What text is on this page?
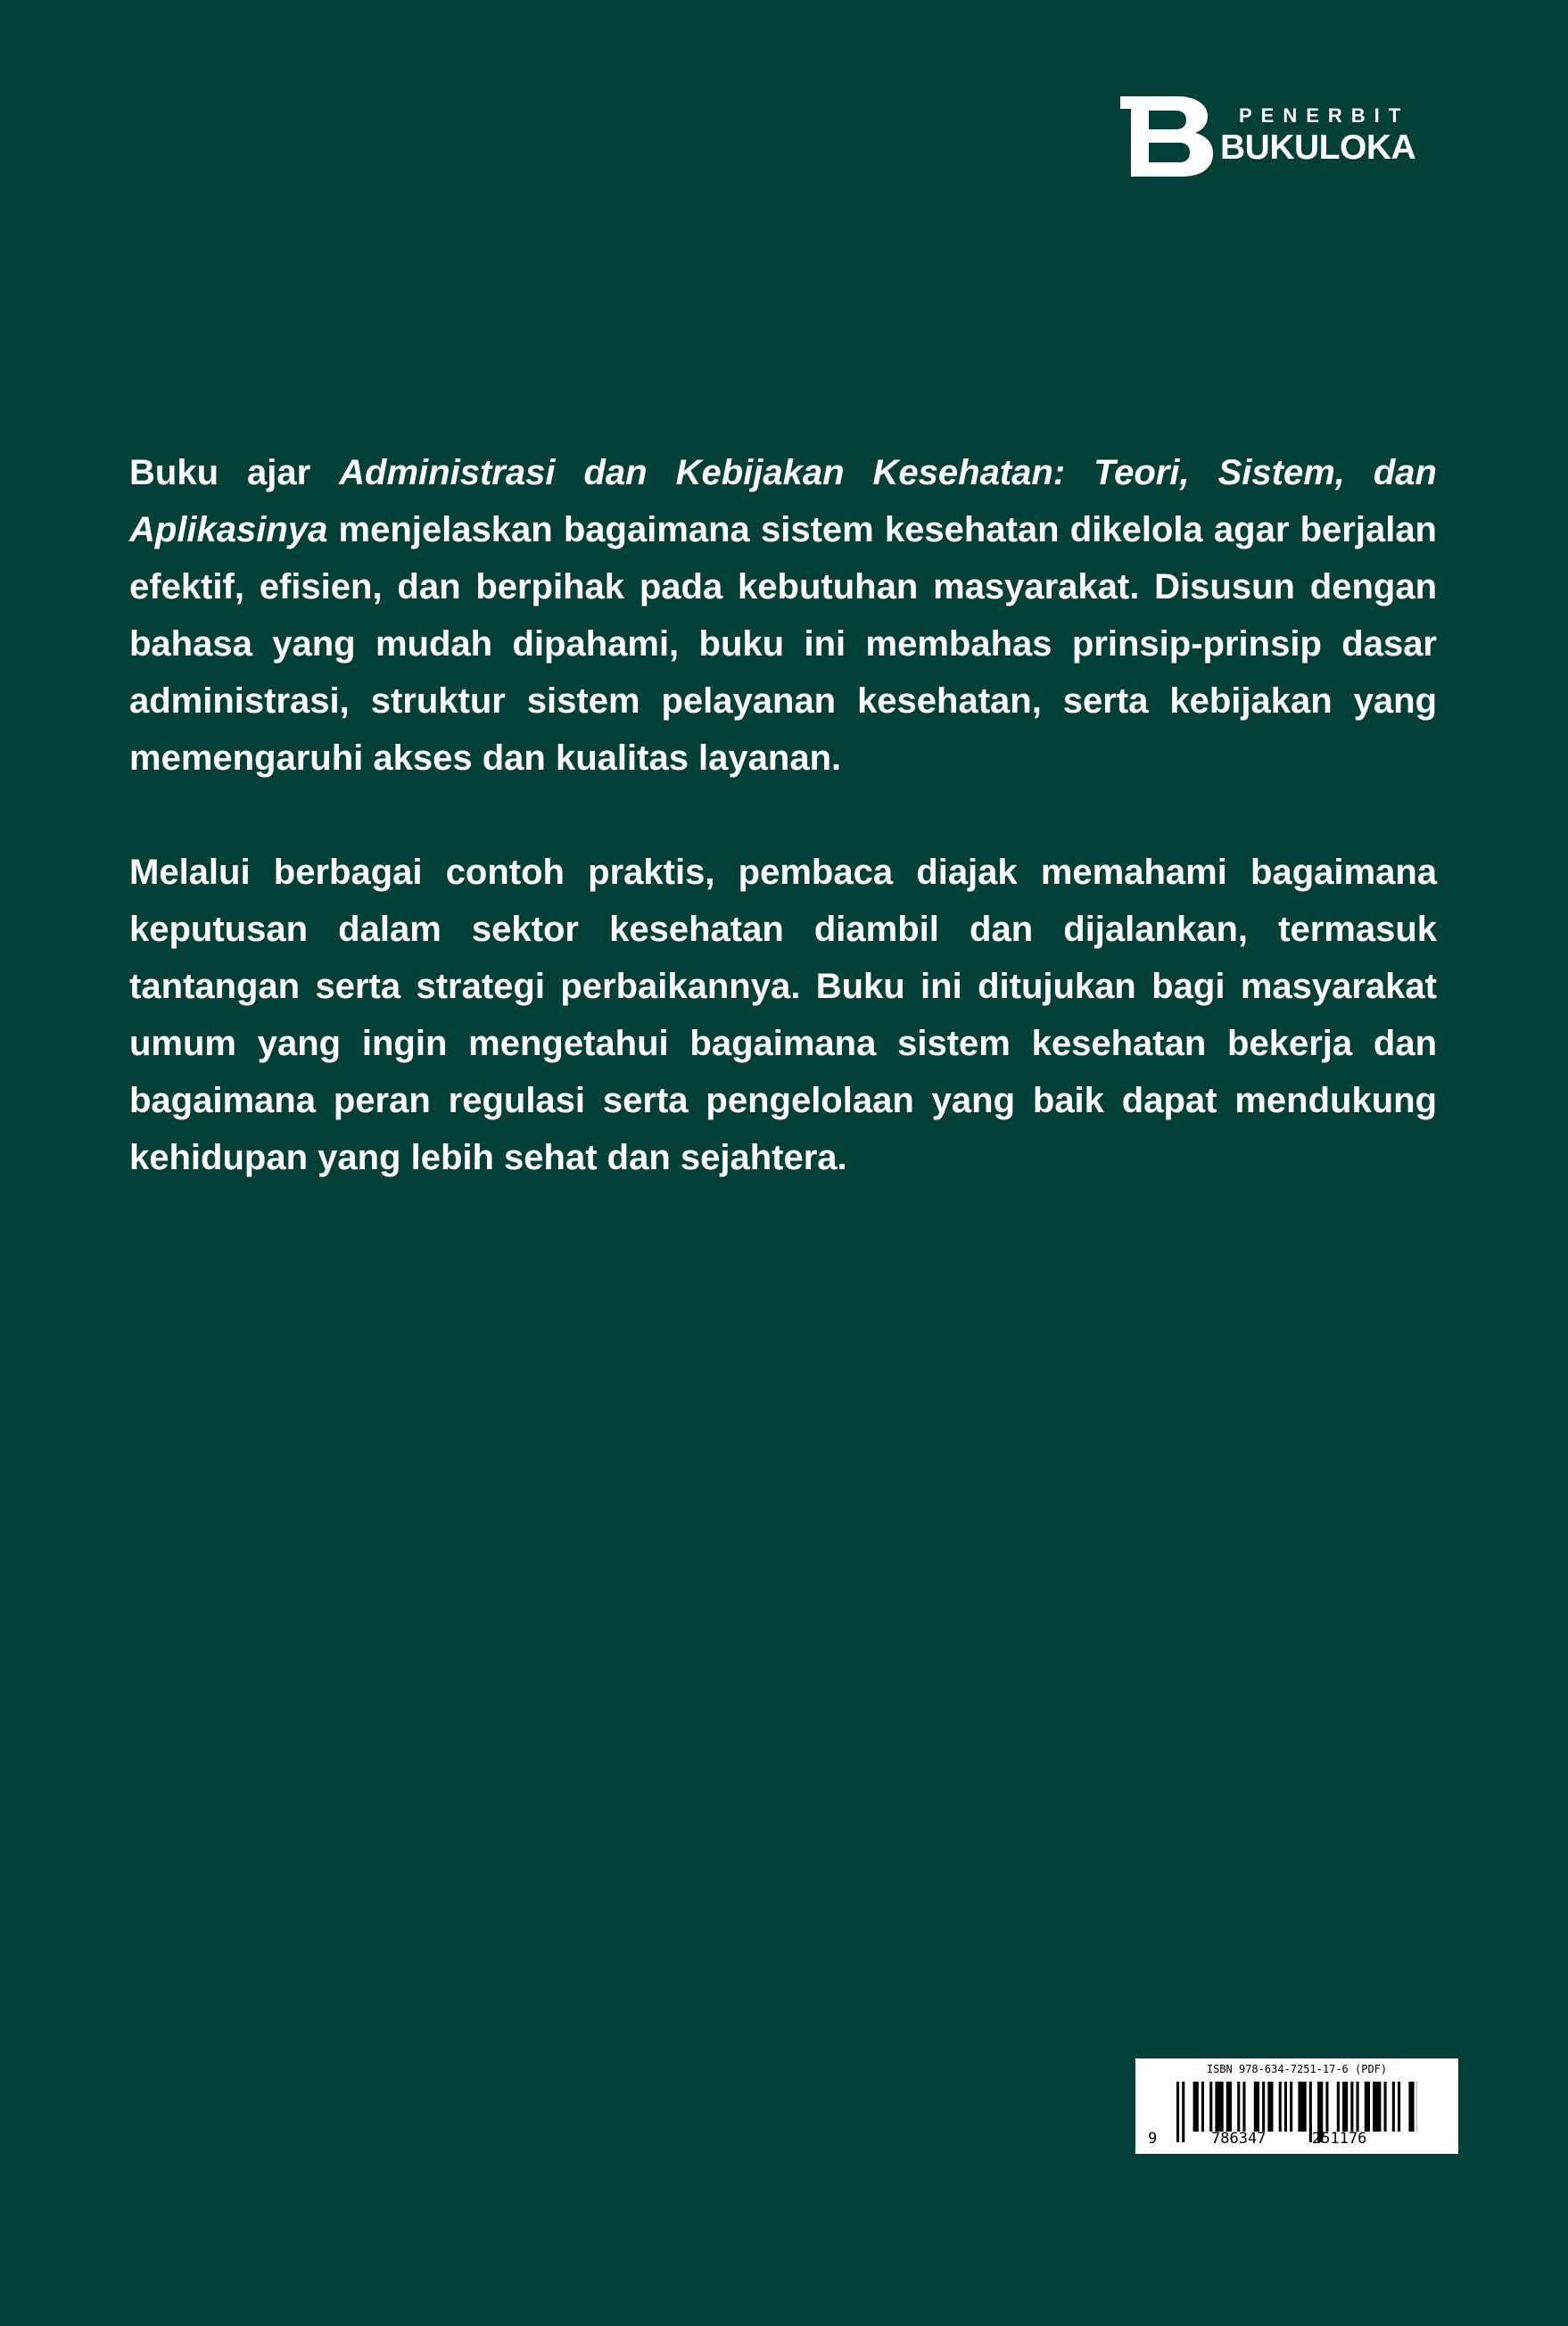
PENERBIT
BUKULOKA

Buku ajar Administrasi dan Kebijakan Kesehatan: Teori, Sistem, dan Aplikasinya menjelaskan bagaimana sistem kesehatan dikelola agar berjalan efektif, efisien, dan berpihak pada kebutuhan masyarakat. Disusun dengan bahasa yang mudah dipahami, buku ini membahas prinsip-prinsip dasar administrasi, struktur sistem pelayanan kesehatan, serta kebijakan yang memengaruhi akses dan kualitas layanan.

Melalui berbagai contoh praktis, pembaca diajak memahami bagaimana keputusan dalam sektor kesehatan diambil dan dijalankan, termasuk tantangan serta strategi perbaikannya. Buku ini ditujukan bagi masyarakat umum yang ingin mengetahui bagaimana sistem kesehatan bekerja dan bagaimana peran regulasi serta pengelolaan yang baik dapat mendukung kehidupan yang lebih sehat dan sejahtera.

ISBN 978-634-7251-17-6 (PDF)
9	786347	251176
